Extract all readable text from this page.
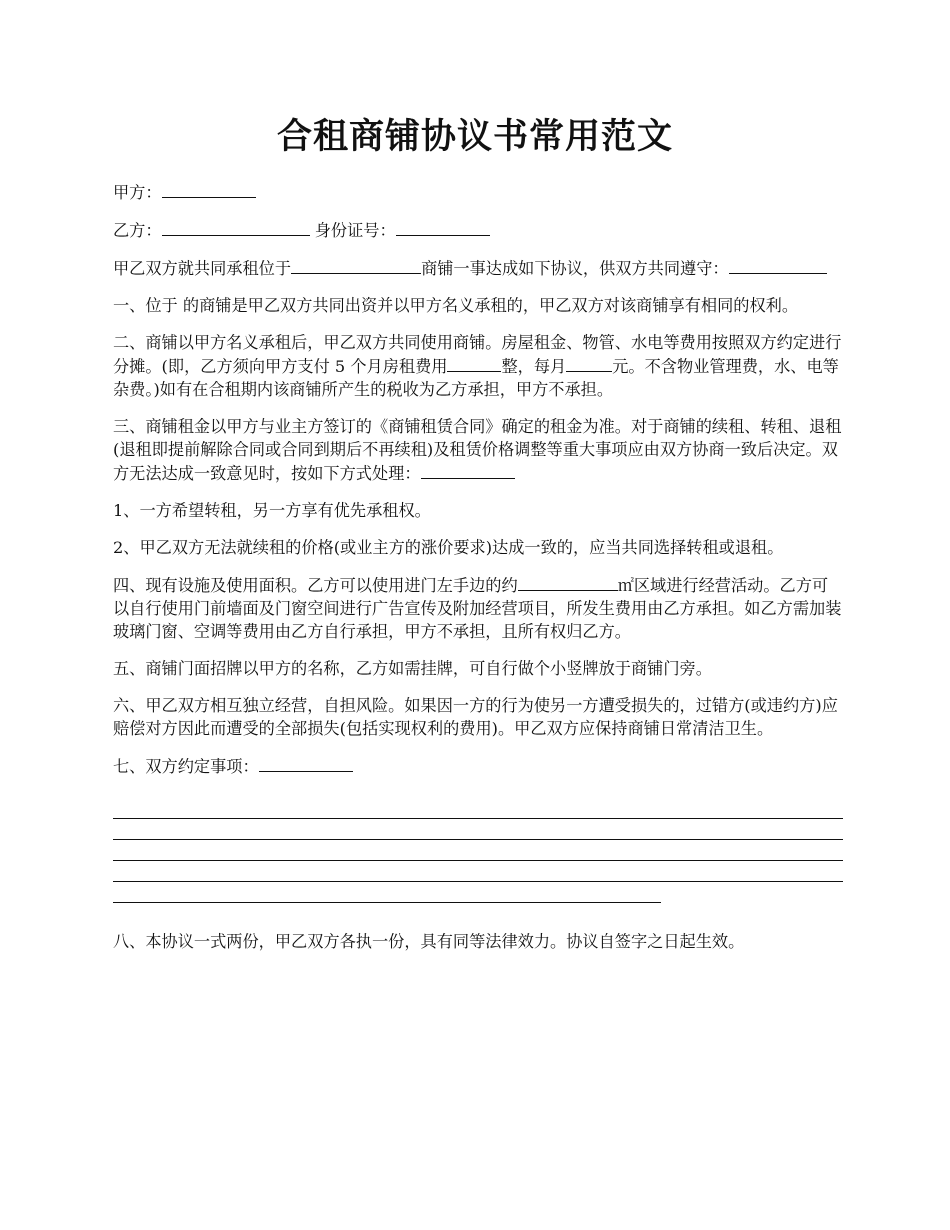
合租商铺协议书常用范文

甲方：

乙方：	身份证号：

甲乙双方就共同承租位于	商铺一事达成如下协议，供双方共同遵守：

一、位于 的商铺是甲乙双方共同出资并以甲方名义承租的，甲乙双方对该商铺享有相同的权利。

二、商铺以甲方名义承租后，甲乙双方共同使用商铺。房屋租金、物管、水电等费用按照双方约定进行分摊。(即，乙方须向甲方支付 5 个月房租费用	整，每月	元。不含物业管理费，水、电等杂费。)如有在合租期内该商铺所产生的税收为乙方承担，甲方不承担。

三、商铺租金以甲方与业主方签订的《商铺租赁合同》确定的租金为准。对于商铺的续租、转租、退租(退租即提前解除合同或合同到期后不再续租)及租赁价格调整等重大事项应由双方协商一致后决定。双方无法达成一致意见时，按如下方式处理：

1、一方希望转租，另一方享有优先承租权。

2、甲乙双方无法就续租的价格(或业主方的涨价要求)达成一致的，应当共同选择转租或退租。

四、现有设施及使用面积。乙方可以使用进门左手边的约	㎡区域进行经营活动。乙方可以自行使用门前墙面及门窗空间进行广告宣传及附加经营项目，所发生费用由乙方承担。如乙方需加装玻璃门窗、空调等费用由乙方自行承担，甲方不承担，且所有权归乙方。

五、商铺门面招牌以甲方的名称，乙方如需挂牌，可自行做个小竖牌放于商铺门旁。

六、甲乙双方相互独立经营，自担风险。如果因一方的行为使另一方遭受损失的，过错方(或违约方)应赔偿对方因此而遭受的全部损失(包括实现权利的费用)。甲乙双方应保持商铺日常清洁卫生。

七、双方约定事项：

八、本协议一式两份，甲乙双方各执一份，具有同等法律效力。协议自签字之日起生效。
